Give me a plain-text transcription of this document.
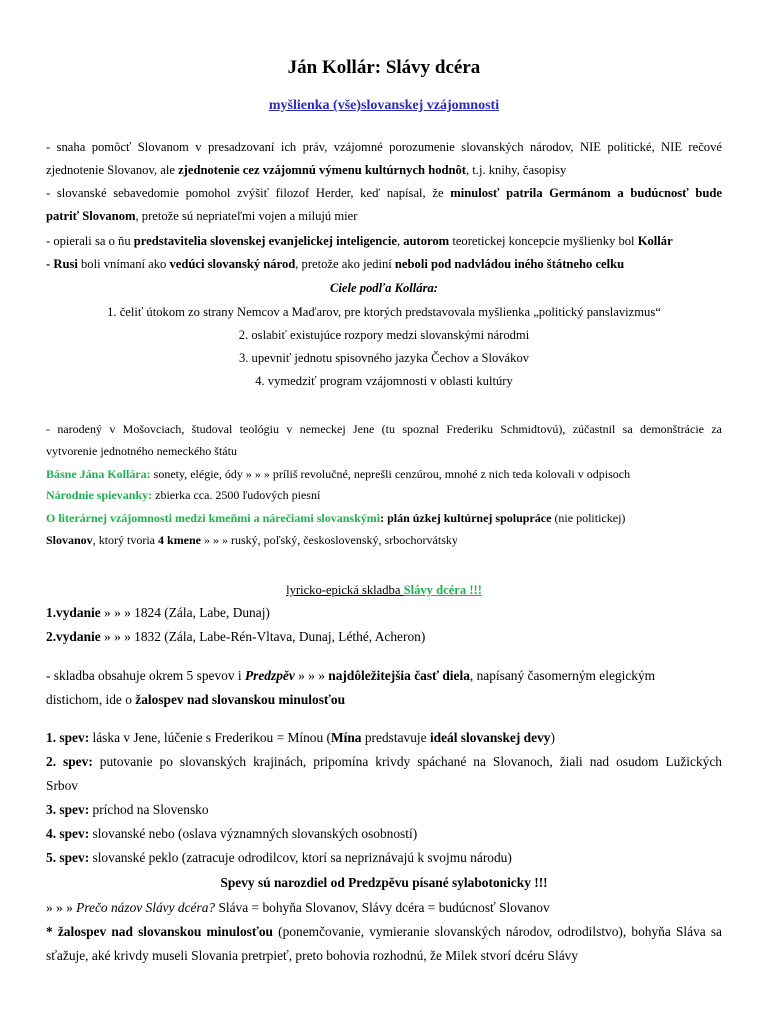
Ján Kollár: Slávy dcéra
myšlienka (vše)slovanskej vzájomnosti
- snaha pomôcť Slovanom v presadzovaní ich práv, vzájomné porozumenie slovanských národov, NIE politické, NIE rečové
zjednotenie Slovanov, ale zjednotenie cez vzájomnú výmenu kultúrnych hodnôt, t.j. knihy, časopisy
- slovanské sebavedomie pomohol zvýšiť filozof Herder, keď napísal, že minulosť patrila Germánom a budúcnosť bude
patriť Slovanom, pretože sú nepriateľmi vojen a milujú mier
- opierali sa o ňu predstavitelia slovenskej evanjelickej inteligencie, autorom teoretickej koncepcie myšlienky bol Kollár
- Rusi boli vnímaní ako vedúci slovanský národ, pretože ako jediní neboli pod nadvládou iného štátneho celku
Ciele podľa Kollára:
1. čeliť útokom zo strany Nemcov a Maďarov, pre ktorých predstavovala myšlienka „politický panslavizmus“
2. oslabiť existujúce rozpory medzi slovanskými národmi
3. upevniť jednotu spisovného jazyka Čechov a Slovákov
4. vymedziť program vzájomnosti v oblasti kultúry
- narodený v Mošovciach, študoval teológiu v nemeckej Jene (tu spoznal Frederiku Schmidtovú), zúčastnil sa demonštrácie za
vytvorenie jednotného nemeckého štátu
Básne Jána Kollára: sonety, elégie, ódy » » » príliš revolučné, neprešli cenzúrou, mnohé z nich teda kolovali v odpisoch
Národnie spievanky: zbierka cca. 2500 ľudových piesní
O literárnej vzájomnosti medzi kmeňmi a nárečiami slovanskými: plán úzkej kultúrnej spolupráce (nie politickej)
Slovanov, ktorý tvoria 4 kmene » » » ruský, poľský, československý, srbochorvátsky
lyricko-epická skladba Slávy dcéra !!!
1.vydanie » » » 1824 (Zála, Labe, Dunaj)
2.vydanie » » » 1832 (Zála, Labe-Rén-Vltava, Dunaj, Léthé, Acheron)
- skladba obsahuje okrem 5 spevov i Predzpěv » » » najdôležitejšia časť diela, napísaný časomerným elegickým
distichom, ide o žalospev nad slovanskou minulosťou
1. spev: láska v Jene, lúčenie s Frederikou = Mínou (Mína predstavuje ideál slovanskej devy)
2. spev: putovanie po slovanských krajinách, pripomína krivdy spáchané na Slovanoch, žiali nad osudom Lužických
Srbov
3. spev: príchod na Slovensko
4. spev: slovanské nebo (oslava významných slovanských osobností)
5. spev: slovanské peklo (zatracuje odrodilcov, ktorí sa nepriznávajú k svojmu národu)
Spevy sú narozdiel od Predzpěvu písané sylabotonicky !!!
» » » Prečo názov Slávy dcéra? Sláva = bohyňa Slovanov, Slávy dcéra = budúcnosť Slovanov
* žalospev nad slovanskou minulosťou (ponemčovanie, vymieranie slovanských národov, odrodilstvo), bohyňa Sláva sa
sťažuje, aké krivdy museli Slovania pretrpieť, preto bohovia rozhodnú, že Milek stvorí dcéru Slávy
